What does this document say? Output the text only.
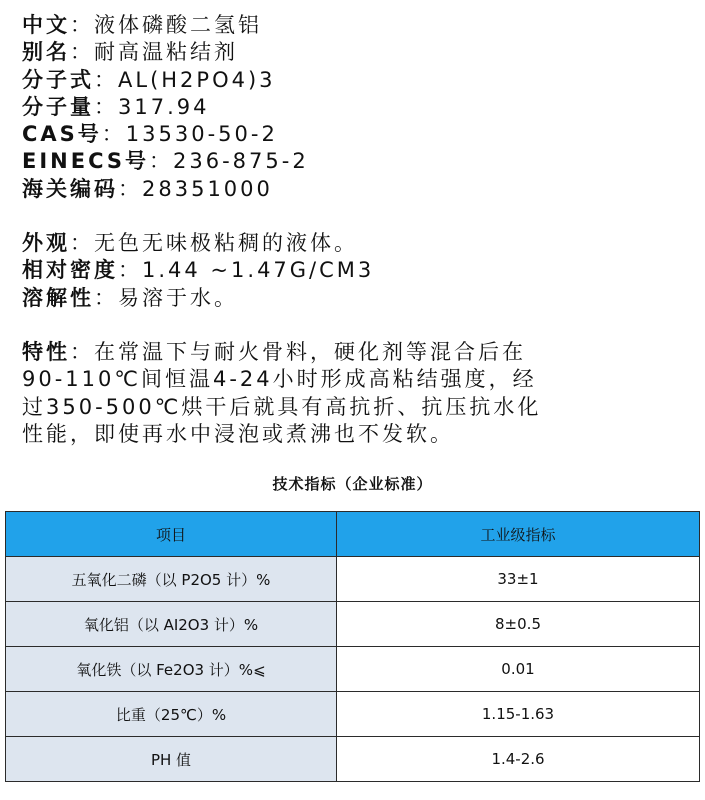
中文：液体磷酸二氢铝

别名：耐高温粘结剂

分子式：AL(H2PO4)3

分子量：317.94

CAS号：13530-50-2

EINECS号：236-875-2

海关编码：28351000

外观：无色无味极粘稠的液体。

相对密度：1.44 ~1.47G/CM3

溶解性：易溶于水。

特性：在常温下与耐火骨料，硬化剂等混合后在

90-110℃间恒温4-24小时形成高粘结强度，经

过350-500℃烘干后就具有高抗折、抗压抗水化

性能，即使再水中浸泡或煮沸也不发软。

技术指标（企业标准）
项目	工业级指标
五氧化二磷（以 P2O5 计）%	33±1
氧化铝（以 AI2O3 计）%	8±0.5
氧化铁（以 Fe2O3 计）%⩽	0.01
比重（25℃）%	1.15-1.63
PH 值	1.4-2.6
